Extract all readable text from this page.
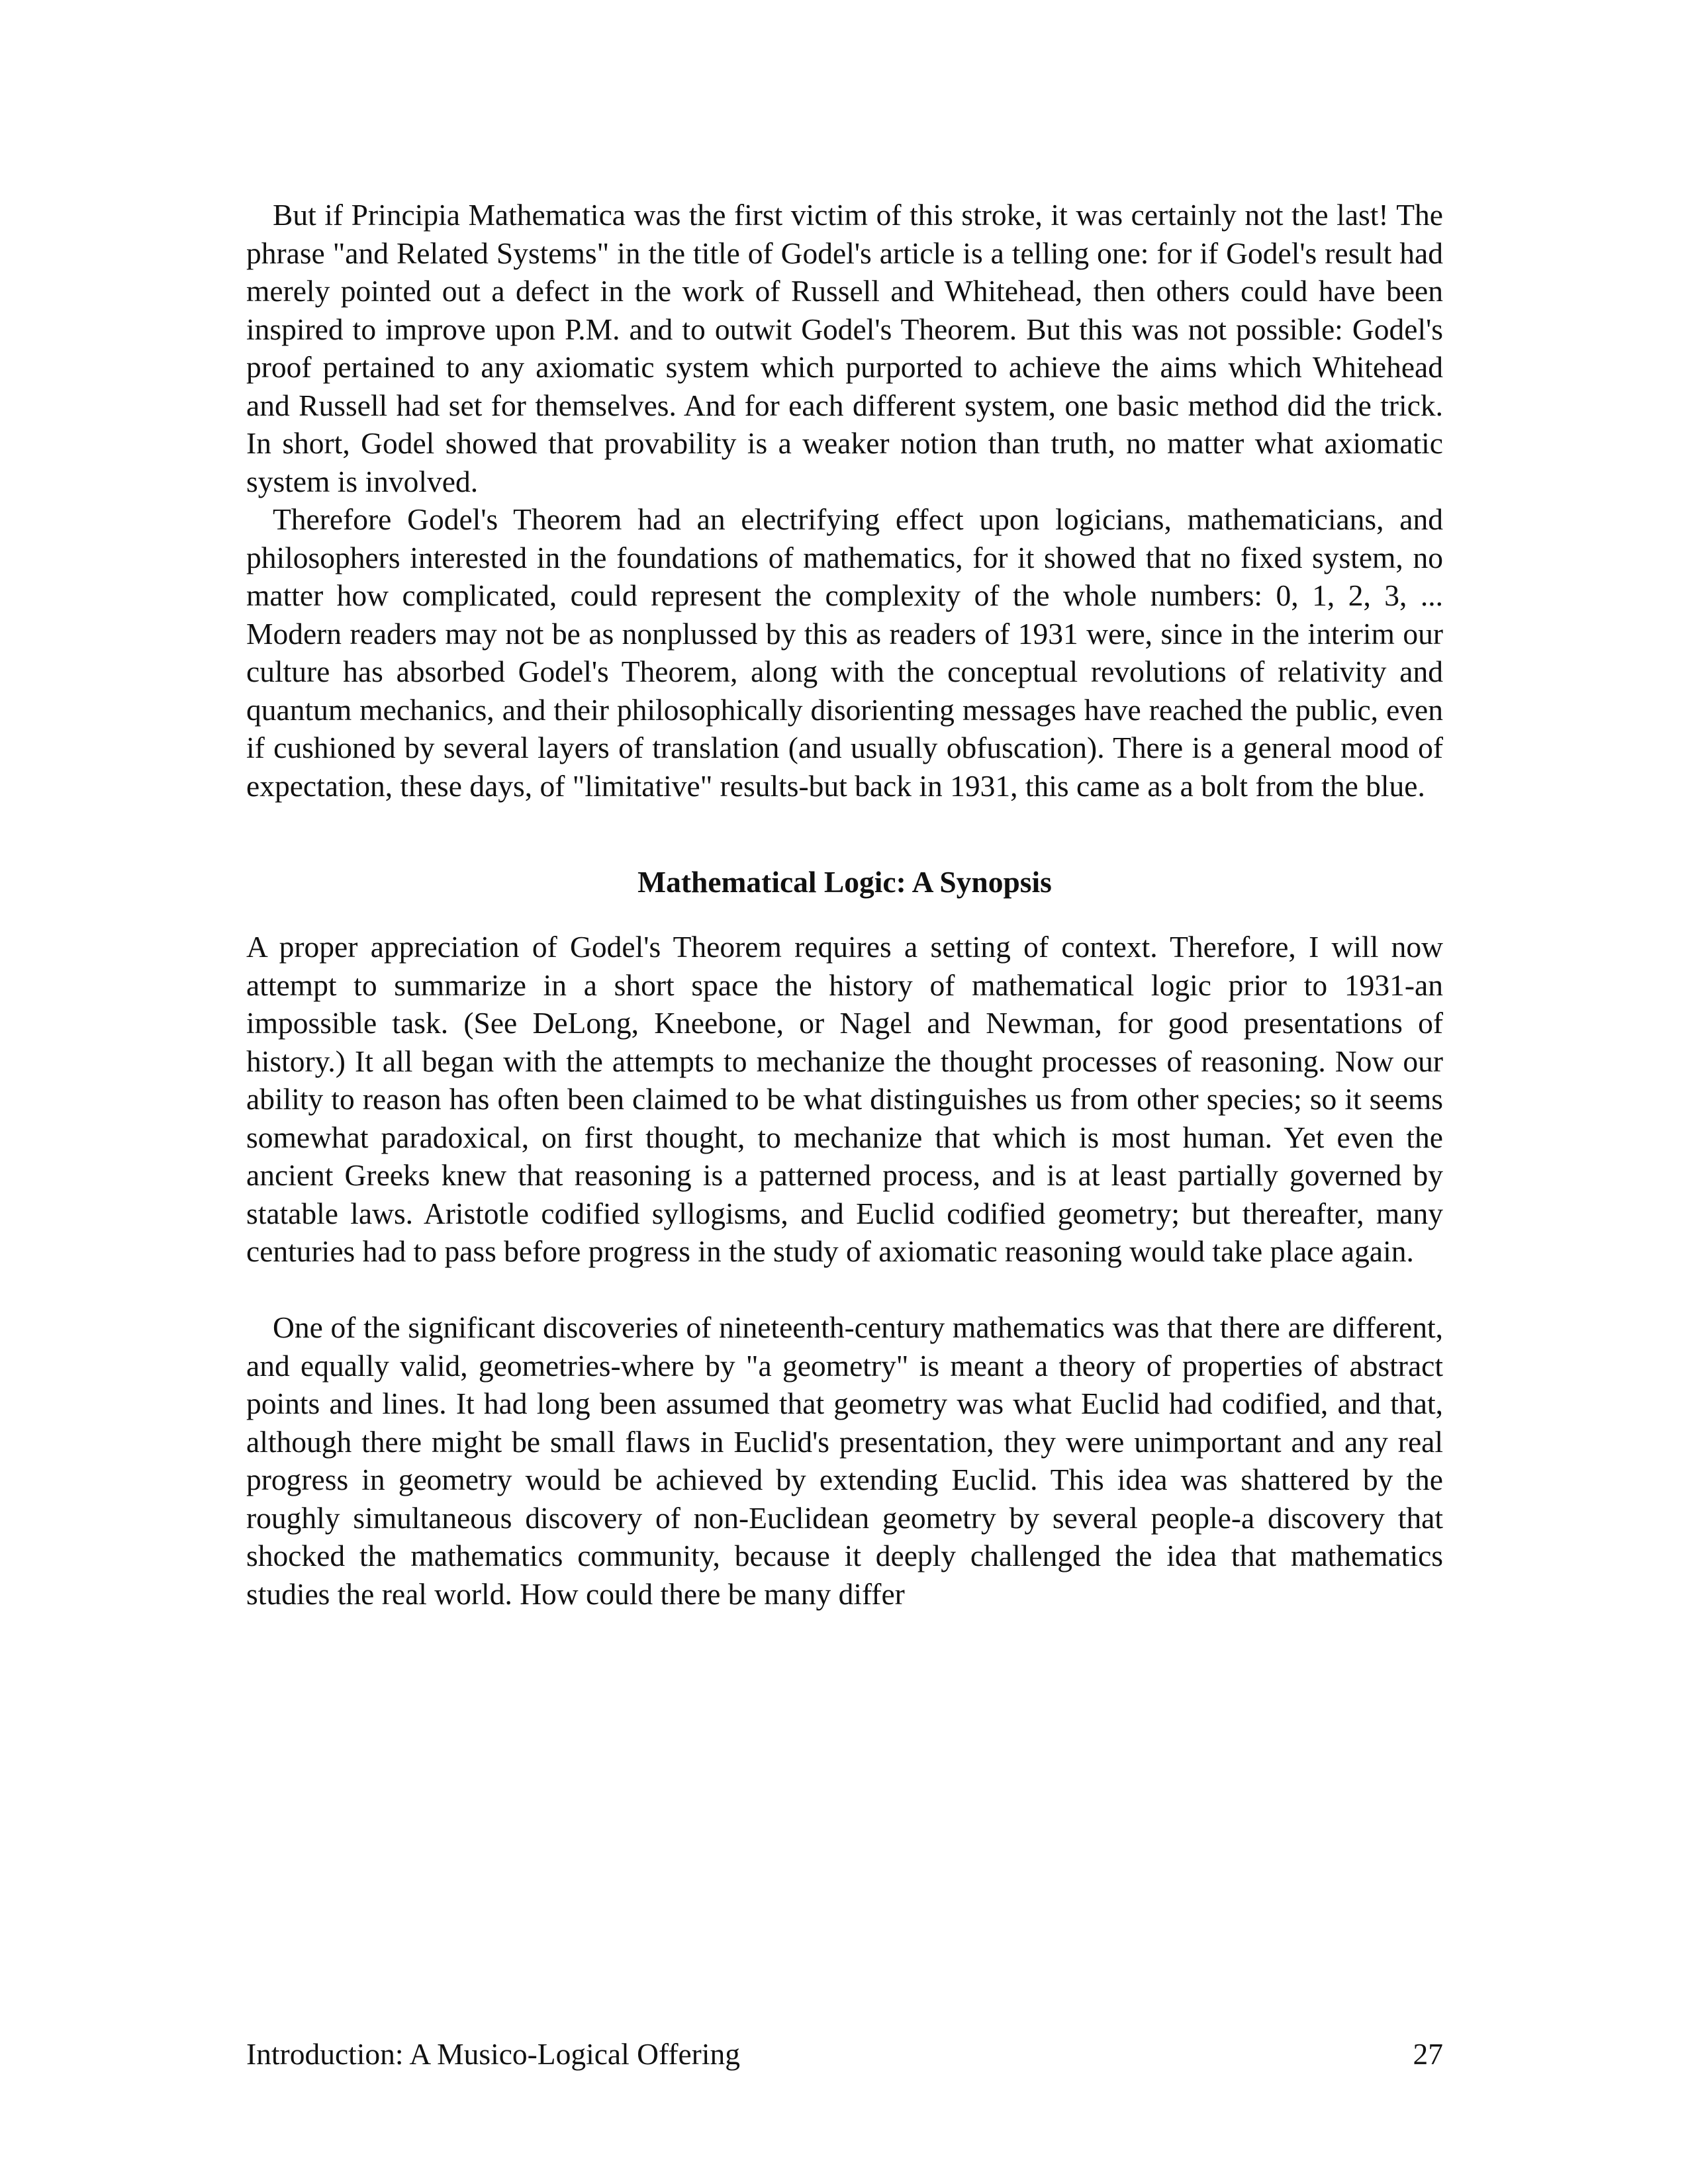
But if Principia Mathematica was the first victim of this stroke, it was certainly not the last! The phrase "and Related Systems" in the title of Godel's article is a telling one: for if Godel's result had merely pointed out a defect in the work of Russell and Whitehead, then others could have been inspired to improve upon P.M. and to outwit Godel's Theorem. But this was not possible: Godel's proof pertained to any axiomatic system which purported to achieve the aims which Whitehead and Russell had set for themselves. And for each different system, one basic method did the trick. In short, Godel showed that provability is a weaker notion than truth, no matter what axiomatic system is involved.

Therefore Godel's Theorem had an electrifying effect upon logicians, mathematicians, and philosophers interested in the foundations of mathematics, for it showed that no fixed system, no matter how complicated, could represent the complexity of the whole numbers: 0, 1, 2, 3, ... Modern readers may not be as nonplussed by this as readers of 1931 were, since in the interim our culture has absorbed Godel's Theorem, along with the conceptual revolutions of relativity and quantum mechanics, and their philosophically disorienting messages have reached the public, even if cushioned by several layers of translation (and usually obfuscation). There is a general mood of expectation, these days, of "limitative" results-but back in 1931, this came as a bolt from the blue.

Mathematical Logic: A Synopsis

A proper appreciation of Godel's Theorem requires a setting of context. Therefore, I will now attempt to summarize in a short space the history of mathematical logic prior to 1931-an impossible task. (See DeLong, Kneebone, or Nagel and Newman, for good presentations of history.) It all began with the attempts to mechanize the thought processes of reasoning. Now our ability to reason has often been claimed to be what distinguishes us from other species; so it seems somewhat paradoxical, on first thought, to mechanize that which is most human. Yet even the ancient Greeks knew that reasoning is a patterned process, and is at least partially governed by statable laws. Aristotle codified syllogisms, and Euclid codified geometry; but thereafter, many centuries had to pass before progress in the study of axiomatic reasoning would take place again.

One of the significant discoveries of nineteenth-century mathematics was that there are different, and equally valid, geometries-where by "a geometry" is meant a theory of properties of abstract points and lines. It had long been assumed that geometry was what Euclid had codified, and that, although there might be small flaws in Euclid's presentation, they were unimportant and any real progress in geometry would be achieved by extending Euclid. This idea was shattered by the roughly simultaneous discovery of non-Euclidean geometry by several people-a discovery that shocked the mathematics community, because it deeply challenged the idea that mathematics studies the real world. How could there be many differ

Introduction: A Musico-Logical Offering	27
